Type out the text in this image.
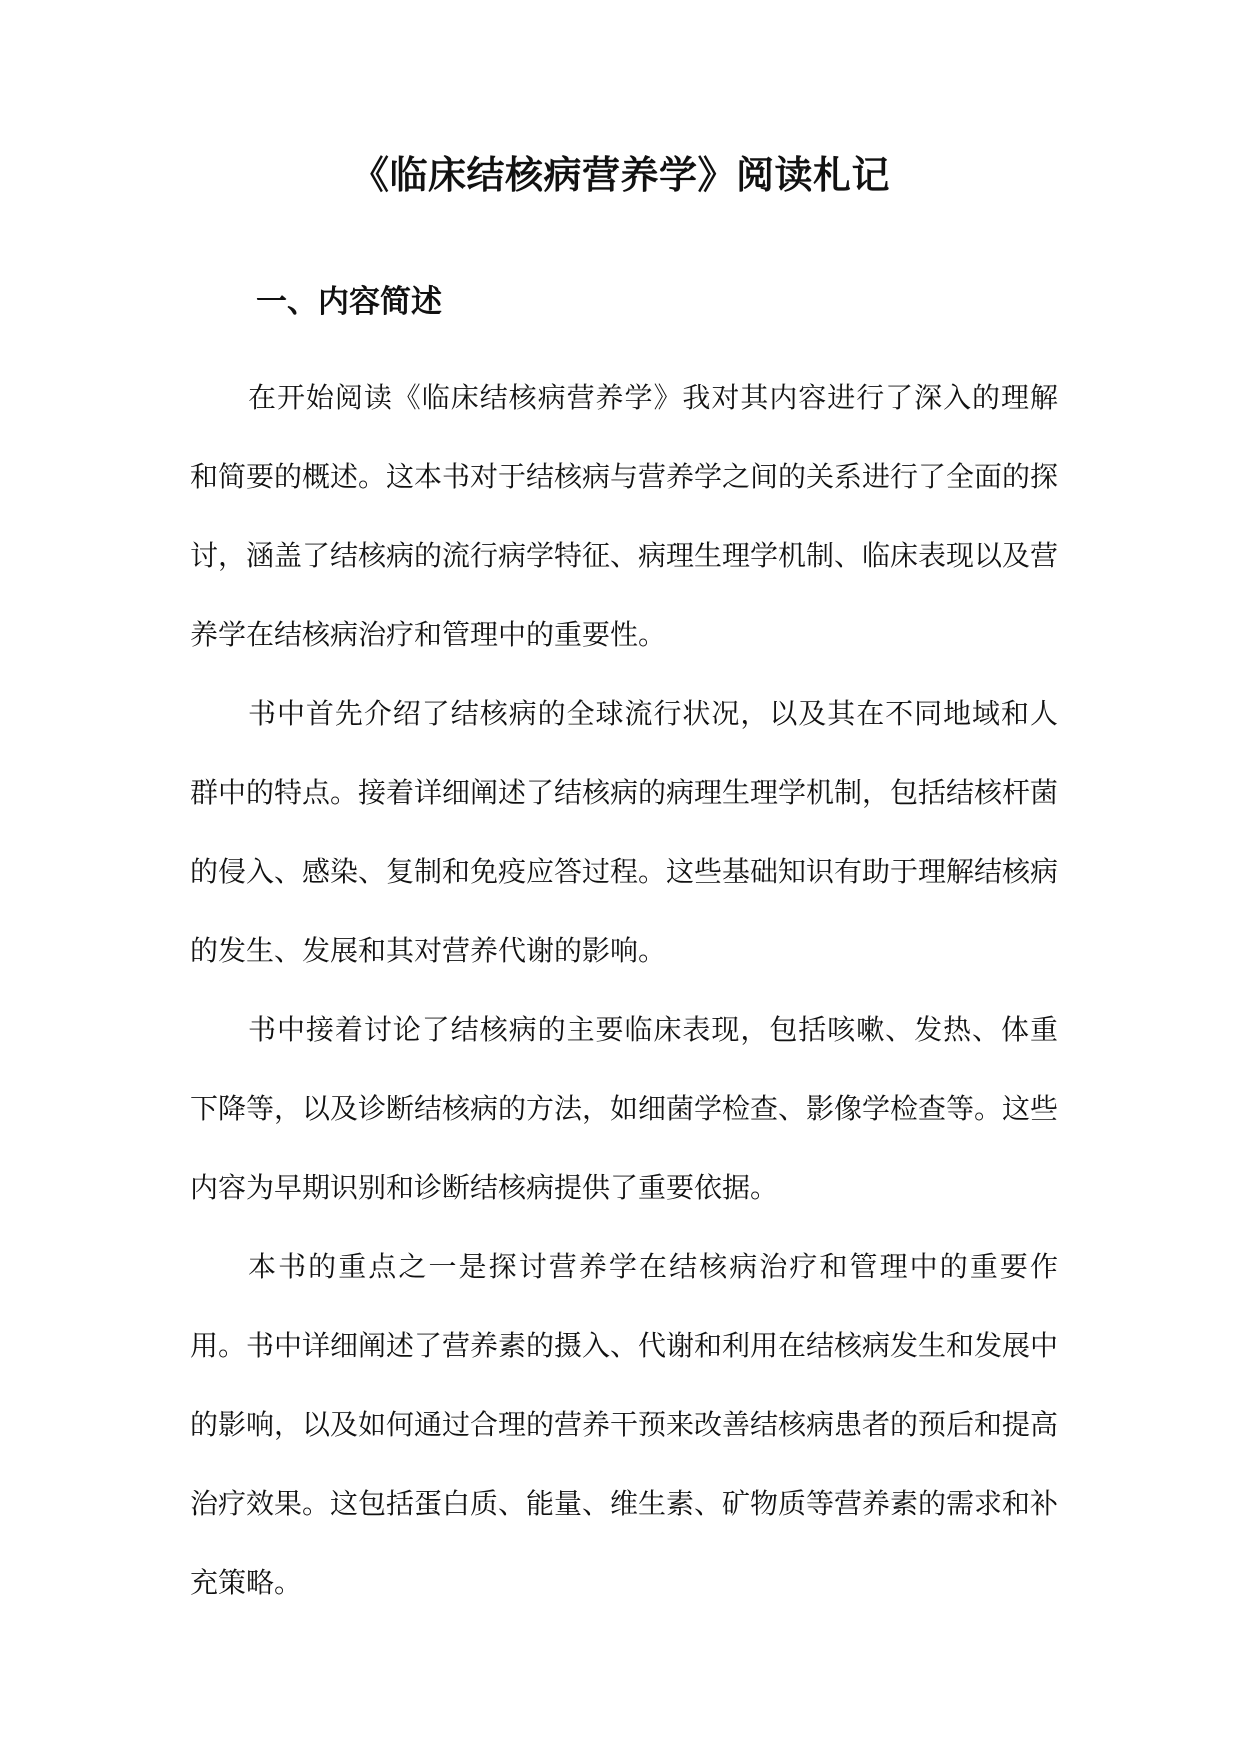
《临床结核病营养学》阅读札记
一、内容简述

在开始阅读《临床结核病营养学》我对其内容进行了深入的理解和简要的概述。这本书对于结核病与营养学之间的关系进行了全面的探讨，涵盖了结核病的流行病学特征、病理生理学机制、临床表现以及营养学在结核病治疗和管理中的重要性。

书中首先介绍了结核病的全球流行状况，以及其在不同地域和人群中的特点。接着详细阐述了结核病的病理生理学机制，包括结核杆菌的侵入、感染、复制和免疫应答过程。这些基础知识有助于理解结核病的发生、发展和其对营养代谢的影响。

书中接着讨论了结核病的主要临床表现，包括咳嗽、发热、体重下降等，以及诊断结核病的方法，如细菌学检查、影像学检查等。这些内容为早期识别和诊断结核病提供了重要依据。

本书的重点之一是探讨营养学在结核病治疗和管理中的重要作用。书中详细阐述了营养素的摄入、代谢和利用在结核病发生和发展中的影响，以及如何通过合理的营养干预来改善结核病患者的预后和提高治疗效果。这包括蛋白质、能量、维生素、矿物质等营养素的需求和补充策略。
